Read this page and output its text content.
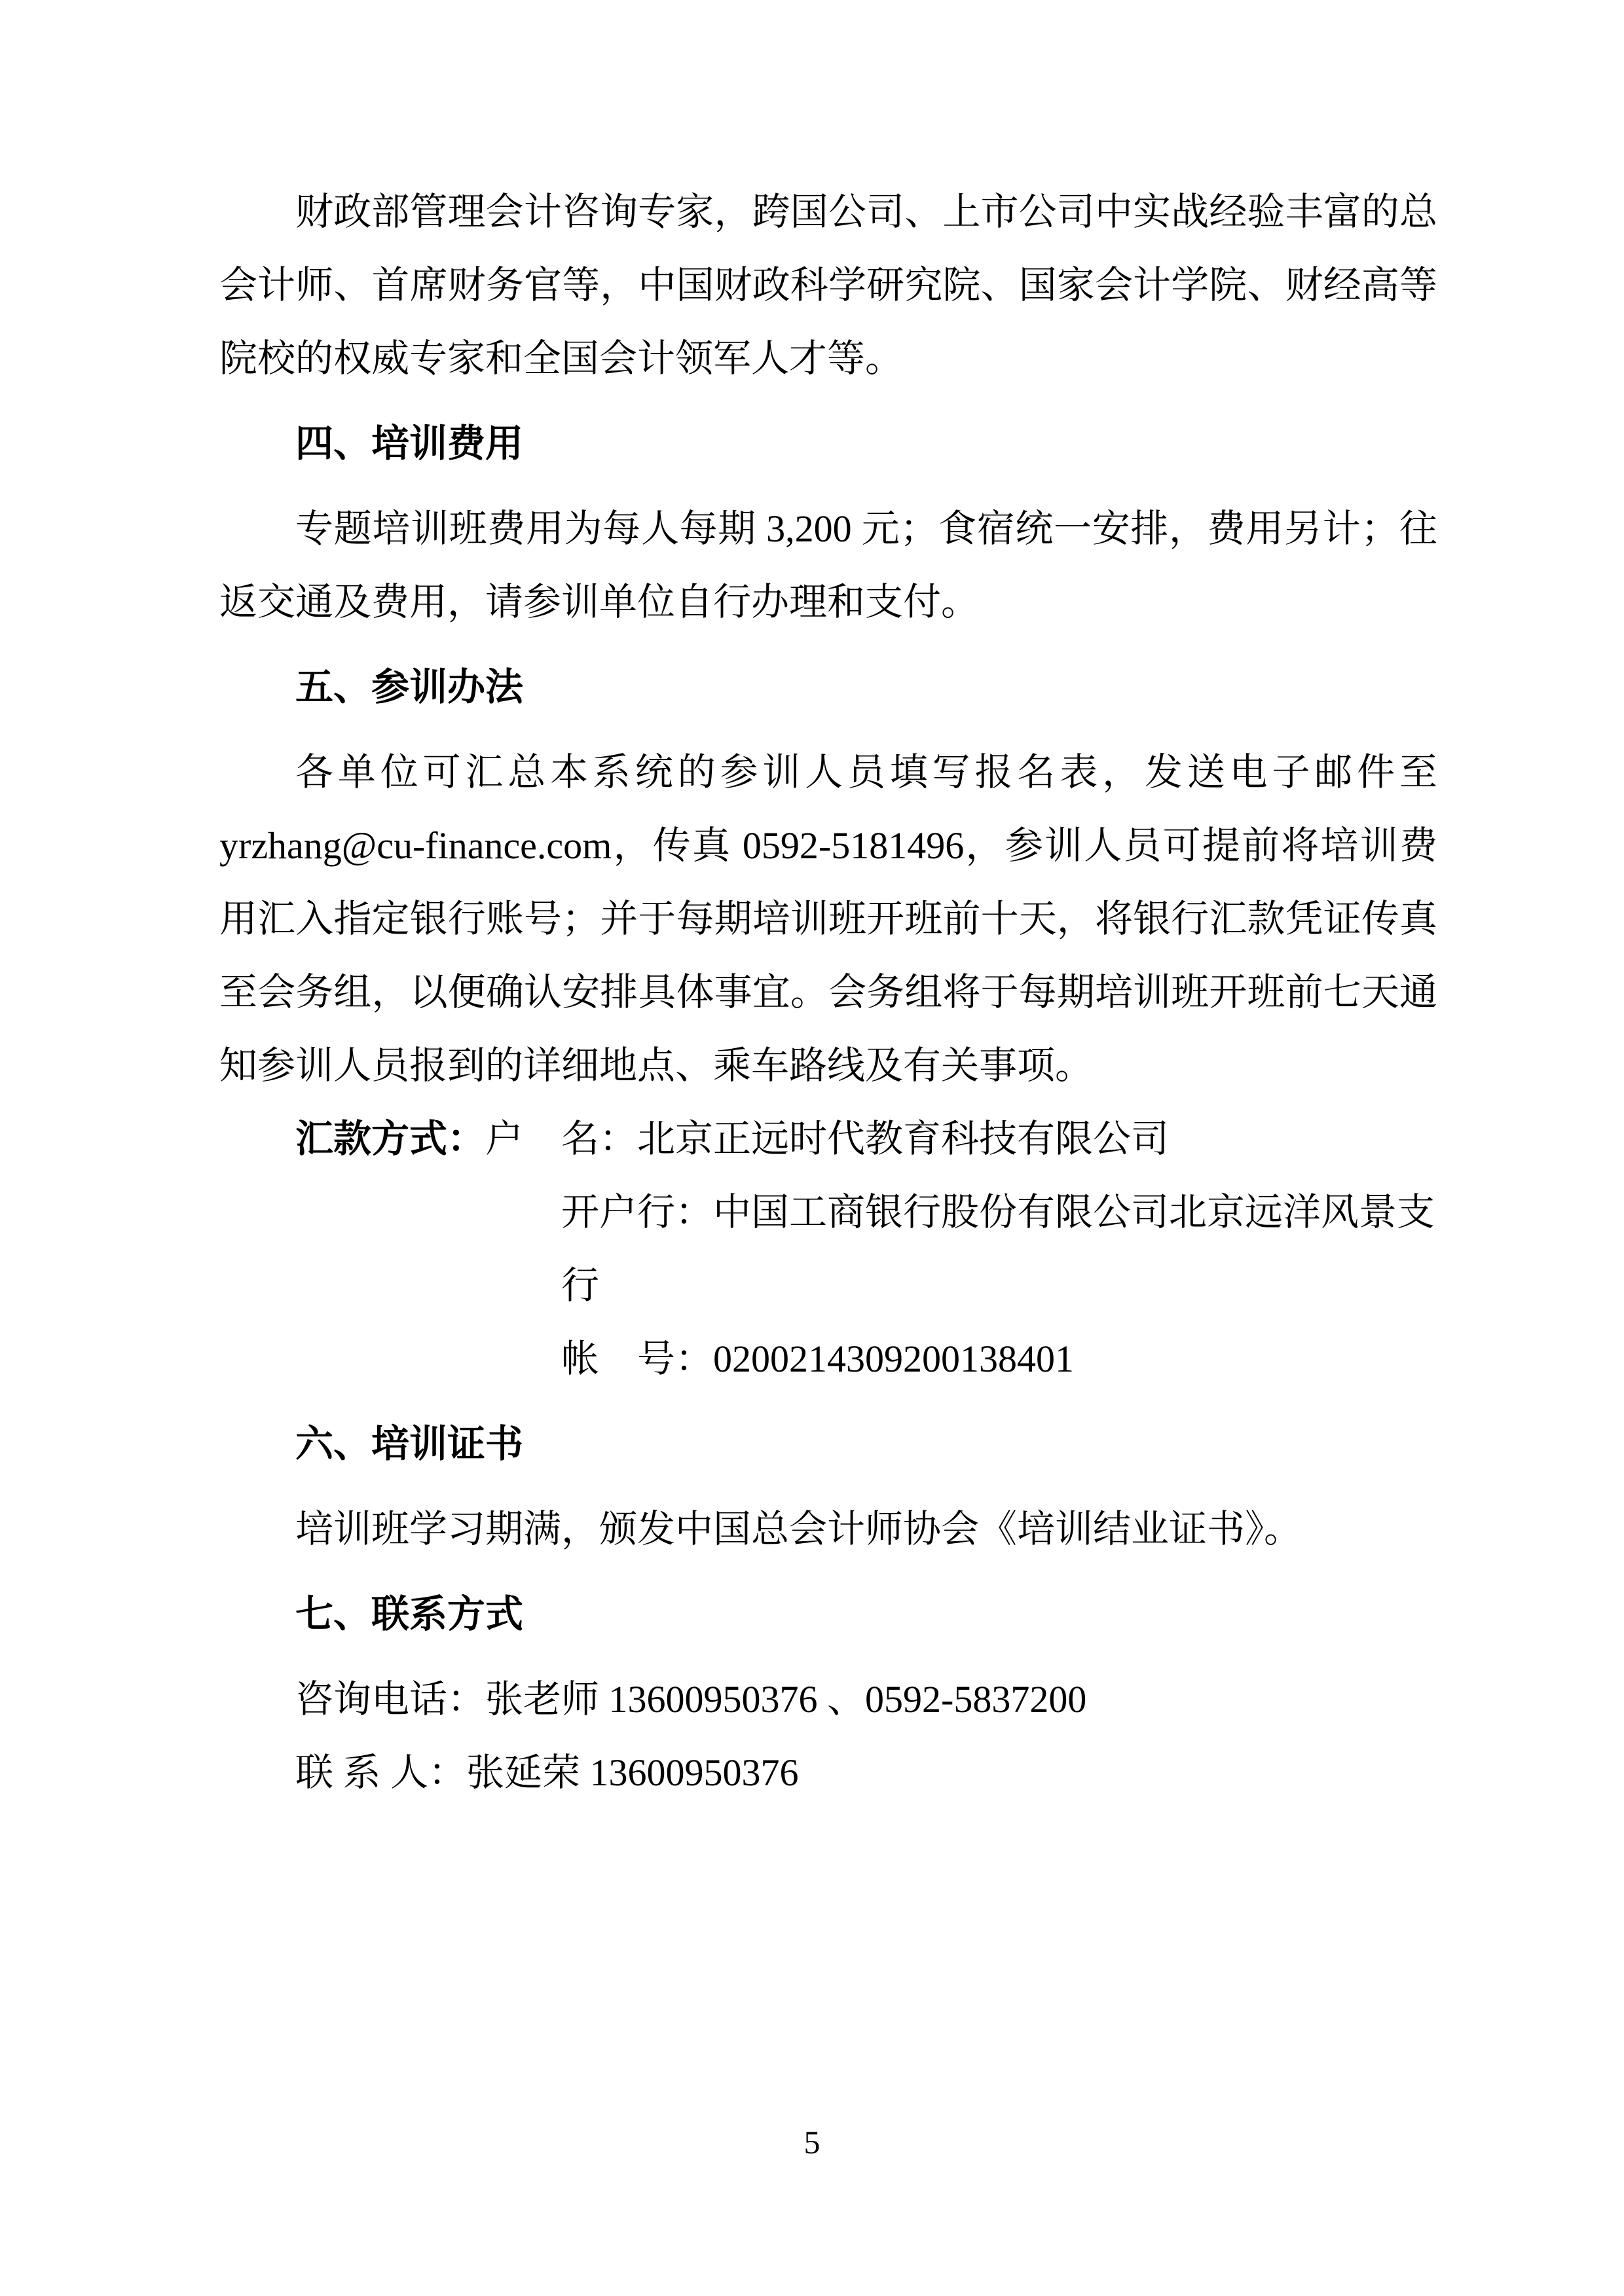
财政部管理会计咨询专家，跨国公司、上市公司中实战经验丰富的总会计师、首席财务官等，中国财政科学研究院、国家会计学院、财经高等院校的权威专家和全国会计领军人才等。

四、培训费用

专题培训班费用为每人每期 3,200 元；食宿统一安排，费用另计；往返交通及费用，请参训单位自行办理和支付。

五、参训办法

各单位可汇总本系统的参训人员填写报名表，发送电子邮件至 yrzhang@cu-finance.com，传真 0592-5181496，参训人员可提前将培训费用汇入指定银行账号；并于每期培训班开班前十天，将银行汇款凭证传真至会务组，以便确认安排具体事宜。会务组将于每期培训班开班前七天通知参训人员报到的详细地点、乘车路线及有关事项。

汇款方式：户　名：北京正远时代教育科技有限公司

开户行：中国工商银行股份有限公司北京远洋风景支行

帐　号：0200214309200138401

六、培训证书

培训班学习期满，颁发中国总会计师协会《培训结业证书》。

七、联系方式

咨询电话：张老师 13600950376 、0592-5837200

联 系 人：张延荣 13600950376

5
